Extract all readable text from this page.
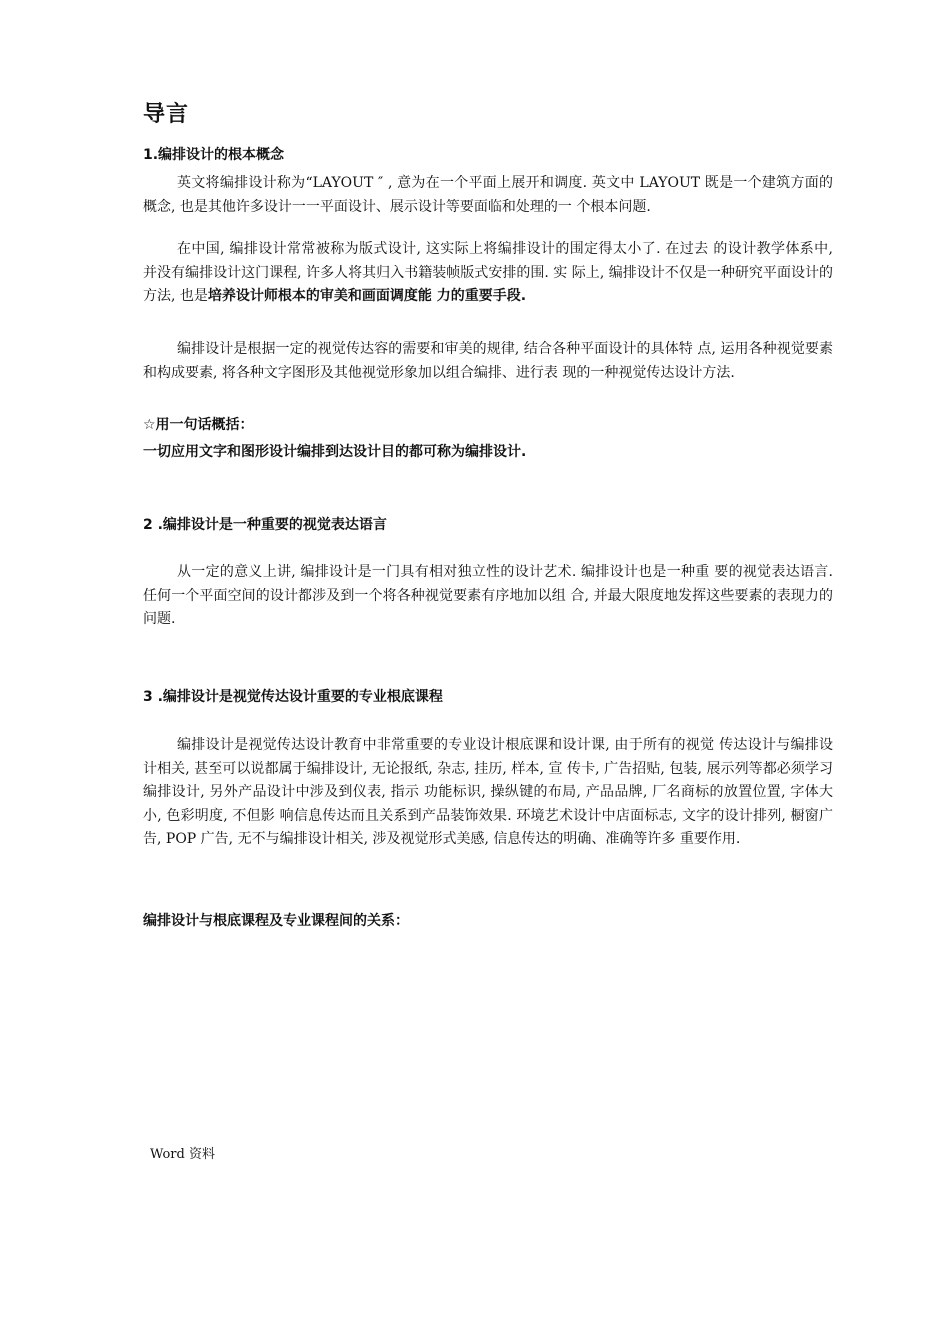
导言
1.编排设计的根本概念

英文将编排设计称为“LAYOUT ″ , 意为在一个平面上展开和调度. 英文中 LAYOUT 既是一个建筑方面的概念, 也是其他许多设计一一平面设计、展示设计等要面临和处理的一 个根本问题.

在中国, 编排设计常常被称为版式设计, 这实际上将编排设计的围定得太小了. 在过去 的设计教学体系中, 并没有编排设计这门课程, 许多人将其归入书籍装帧版式安排的围. 实 际上, 编排设计不仅是一种研究平面设计的方法, 也是培养设计师根本的审美和画面调度能 力的重要手段.

编排设计是根据一定的视觉传达容的需要和审美的规律, 结合各种平面设计的具体特 点, 运用各种视觉要素和构成要素, 将各种文字图形及其他视觉形象加以组合编排、进行表 现的一种视觉传达设计方法.

☆用一句话概括：
一切应用文字和图形设计编排到达设计目的都可称为编排设计.
2 .编排设计是一种重要的视觉表达语言

从一定的意义上讲, 编排设计是一门具有相对独立性的设计艺术. 编排设计也是一种重 要的视觉表达语言. 任何一个平面空间的设计都涉及到一个将各种视觉要素有序地加以组 合, 并最大限度地发挥这些要素的表现力的问题.

3 .编排设计是视觉传达设计重要的专业根底课程

编排设计是视觉传达设计教育中非常重要的专业设计根底课和设计课, 由于所有的视觉 传达设计与编排设计相关, 甚至可以说都属于编排设计, 无论报纸, 杂志, 挂历, 样本, 宣 传卡, 广告招贴, 包装, 展示列等都必须学习编排设计, 另外产品设计中涉及到仪表, 指示 功能标识, 操纵键的布局, 产品品牌, 厂名商标的放置位置, 字体大小, 色彩明度, 不但影 响信息传达而且关系到产品装饰效果. 环境艺术设计中店面标志, 文字的设计排列, 橱窗广 告, POP 广告, 无不与编排设计相关, 涉及视觉形式美感, 信息传达的明确、准确等许多 重要作用.

编排设计与根底课程及专业课程间的关系：
Word 资料
